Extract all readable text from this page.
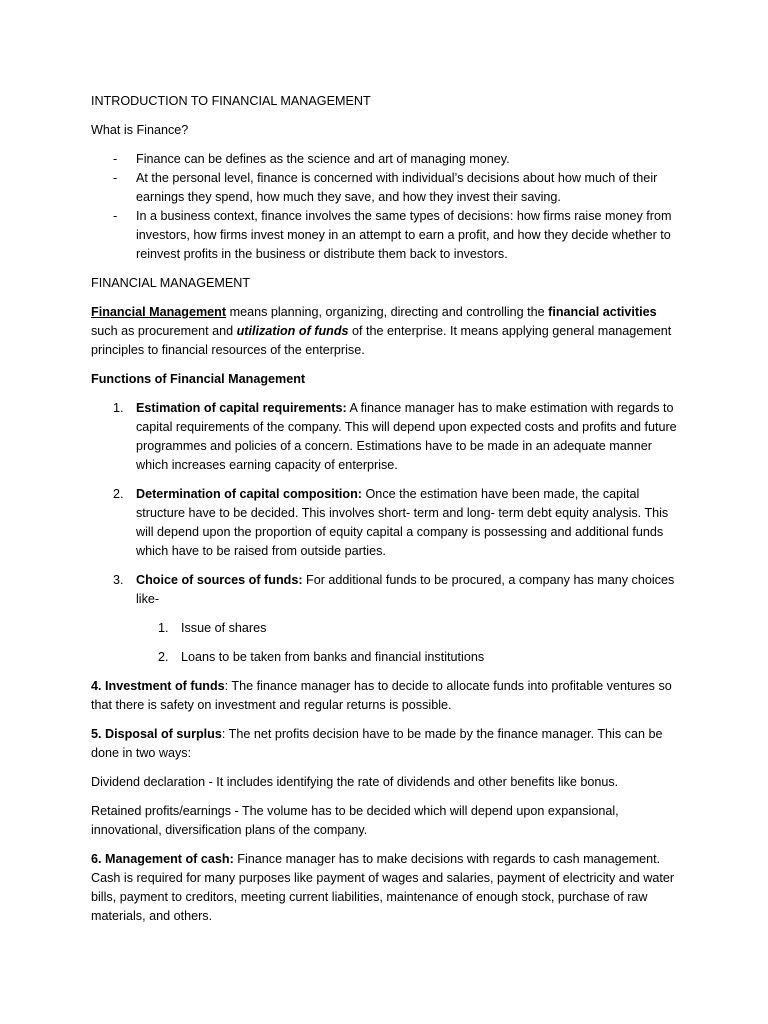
INTRODUCTION TO FINANCIAL MANAGEMENT

What is Finance?

- Finance can be defines as the science and art of managing money.
- At the personal level, finance is concerned with individual’s decisions about how much of their earnings they spend, how much they save, and how they invest their saving.
- In a business context, finance involves the same types of decisions: how firms raise money from investors, how firms invest money in an attempt to earn a profit, and how they decide whether to reinvest profits in the business or distribute them back to investors.

FINANCIAL MANAGEMENT

Financial Management means planning, organizing, directing and controlling the financial activities such as procurement and utilization of funds of the enterprise. It means applying general management principles to financial resources of the enterprise.

Functions of Financial Management

1. Estimation of capital requirements: A finance manager has to make estimation with regards to capital requirements of the company. This will depend upon expected costs and profits and future programmes and policies of a concern. Estimations have to be made in an adequate manner which increases earning capacity of enterprise.
2. Determination of capital composition: Once the estimation have been made, the capital structure have to be decided. This involves short- term and long- term debt equity analysis. This will depend upon the proportion of equity capital a company is possessing and additional funds which have to be raised from outside parties.
3. Choice of sources of funds: For additional funds to be procured, a company has many choices like-
1. Issue of shares
2. Loans to be taken from banks and financial institutions

4. Investment of funds: The finance manager has to decide to allocate funds into profitable ventures so that there is safety on investment and regular returns is possible.

5. Disposal of surplus: The net profits decision have to be made by the finance manager. This can be done in two ways:

Dividend declaration - It includes identifying the rate of dividends and other benefits like bonus.

Retained profits/earnings - The volume has to be decided which will depend upon expansional, innovational, diversification plans of the company.

6. Management of cash: Finance manager has to make decisions with regards to cash management. Cash is required for many purposes like payment of wages and salaries, payment of electricity and water bills, payment to creditors, meeting current liabilities, maintenance of enough stock, purchase of raw materials, and others.
